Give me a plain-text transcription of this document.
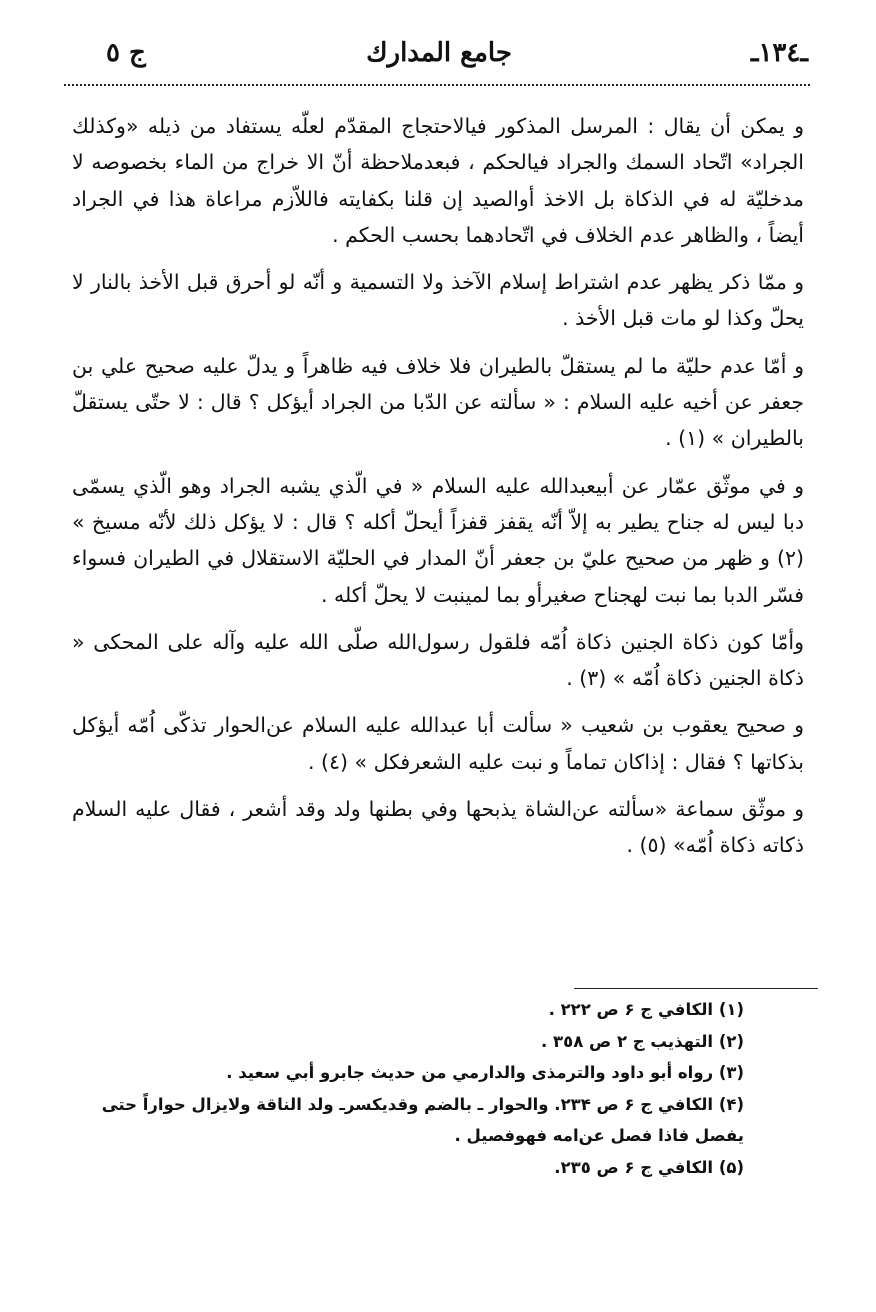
ـ١٣٤ـ
جامع المدارك
ج ٥

و يمكن أن يقال : المرسل المذكور فيالاحتجاج المقدّم لعلّه يستفاد من ذيله «وكذلك الجراد» اتّحاد السمك والجراد فيالحكم ، فبعدملاحظة أنّ الا خراج من الماء بخصوصه لا مدخليّة له في الذكاة بل الاخذ أوالصيد إن قلنا بكفايته فاللاّزم مراعاة هذا في الجراد أيضاً ، والظاهر عدم الخلاف في اتّحادهما بحسب الحكم .

و ممّا ذكر يظهر عدم اشتراط إسلام الآخذ ولا التسمية و أنّه لو أحرق قبل الأخذ بالنار لا يحلّ وكذا لو مات قبل الأخذ .

و أمّا عدم حليّة ما لم يستقلّ بالطيران فلا خلاف فيه ظاهراً و يدلّ عليه صحيح علي بن جعفر عن أخيه عليه السلام : « سألته عن الدّبا من الجراد أيؤكل ؟ قال : لا حتّى يستقلّ بالطيران » (١) .

و في موثّق عمّار عن أبيعبدالله عليه السلام « في الّذي يشبه الجراد وهو الّذي يسمّى دبا ليس له جناح يطير به إلاّ أنّه يقفز قفزاً أيحلّ أكله ؟ قال : لا يؤكل ذلك لأنّه مسيخ » (٢) و ظهر من صحيح عليّ بن جعفر أنّ المدار في الحليّة الاستقلال في الطيران فسواء فسّر الدبا بما نبت لهجناح صغيرأو بما لمينبت لا يحلّ أكله .

وأمّا كون ذكاة الجنين ذكاة اُمّه فلقول رسول‌الله صلّى الله عليه وآله على المحكى « ذكاة الجنين ذكاة اُمّه » (٣) .

و صحيح يعقوب بن شعيب « سألت أبا عبدالله عليه السلام عن‌الحوار تذكّى اُمّه أيؤكل بذكاتها ؟ فقال : إذاكان تماماً و نبت عليه الشعرفكل » (٤) .

و موثّق سماعة «سألته عن‌الشاة يذبحها وفي بطنها ولد وقد أشعر ، فقال عليه السلام ذكاته ذكاة اُمّه» (٥) .

(١) الكافي ج ۶ ص ٢٢٢ .

(٢) التهذيب ج ٢ ص ٣٥٨ .

(٣) رواه أبو داود والترمذى والدارمي من حديث جابرو أبي سعيد .

(۴) الكافي ج ۶ ص ٢٣۴. والحوار ـ بالضم وقديكسرـ ولد الناقة ولايزال حواراً حتى يفصل فاذا فصل عن‌امه فهوفصيل .

(۵) الكافي ج ۶ ص ٢٣٥.
